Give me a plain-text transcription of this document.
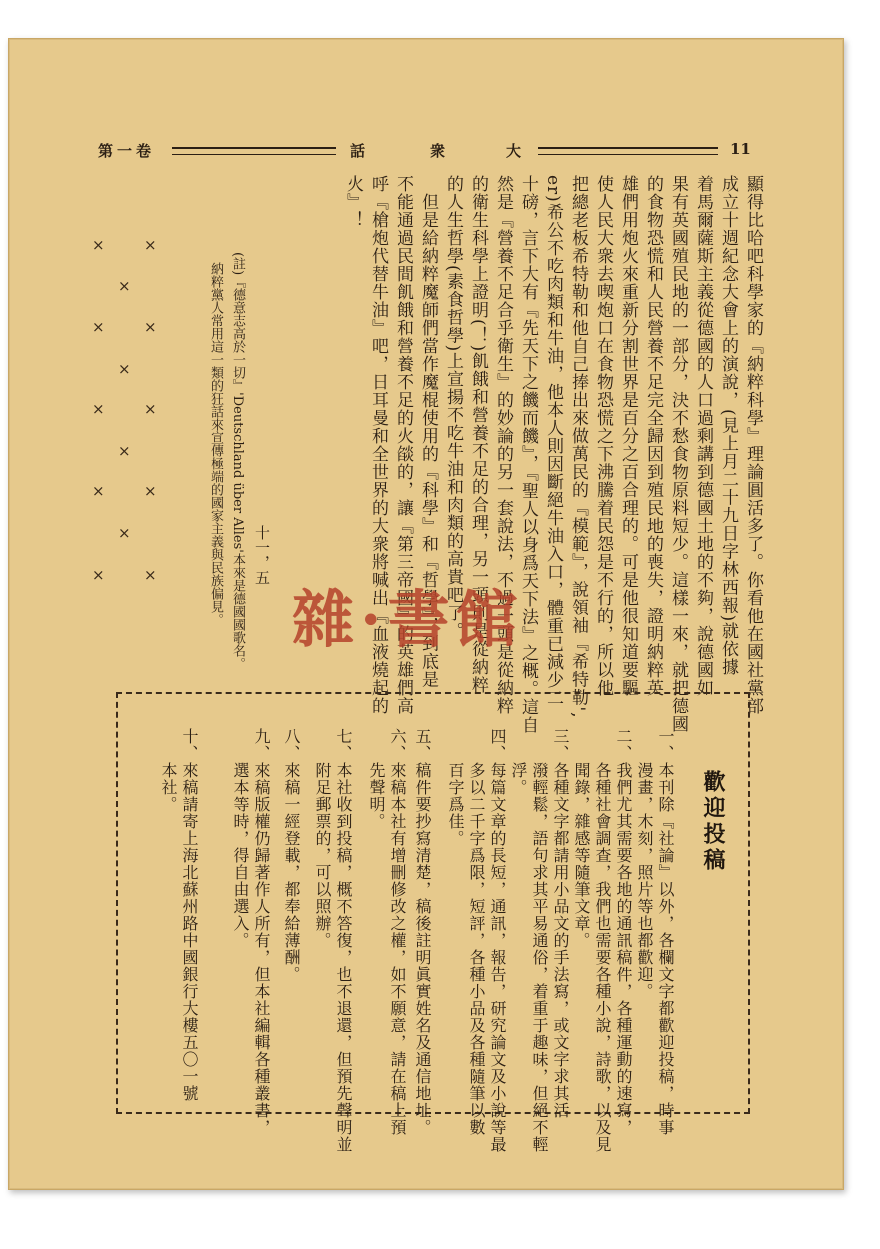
11
大
衆
話
第一卷
顯得比哈吧科學家的『納粹科學』理論圓活多了。你看他在國社黨部
成立十週紀念大會上的演說，(見上月二十九日字林西報)就依據
着馬爾薩斯主義從德國的人口過剩講到德國土地的不夠，說德國如
果有英國殖民地的一部分，決不愁食物原料短少。這樣一來，就把德國
的食物恐慌和人民營養不足完全歸因到殖民地的喪失，證明納粹英
雄們用炮火來重新分割世界是百分之百合理的。可是他很知道要驅
使人民大衆去喫炮口在食物恐慌之下沸騰着民怨是不行的，所以他
把總老板希特勒和他自己捧出來做萬民的『模範』，說領袖『希特勒',
er)希公不吃肉類和牛油，他本人則因斷絕牛油入口，體重已減少二
十磅，言下大有『先天下之饑而饑』，『聖人以身爲天下法』之概。這自
然是『營養不足合乎衛生』的妙論的另一套說法，不過一頭是從納粹
的衛生科學上證明(！)飢餓和營養不足的合理，另一頭則是從納粹
的人生哲學(素食哲學)上宣揚不吃牛油和肉類的高貴吧了。
　但是給納粹魔師們當作魔棍使用的『科學』和『哲學』，到底是
不能通過民間飢餓和營養不足的火燄的，讓『第三帝國』的英雄們高
呼『槍炮代替牛油』吧，日耳曼和全世界的大衆將喊出『血液燒起的
火』！
十一，五
(註)『德意志高於一切』'Deutschland über Alles'本來是德國國歌名。
納粹黨人常用這一類的狂話來宣傳極端的國家主義與民族偏見。
×
×
×
×
×
×
×
×
×
×
×
×
×
×
雜·書館
歡迎投稿
一、本刊除『社論』以外，各欄文字都歡迎投稿，時事
　　漫畫，木刻，照片等也都歡迎。
二、我們尤其需要各地的通訊稿件，各種運動的速寫，
　　各種社會調查，我們也需要各種小說，詩歌，以及見
　　聞錄，雜感等隨筆文章。
三、各種文字都請用小品文的手法寫，或文字求其活
　　潑輕鬆，語句求其平易通俗，着重于趣味，但絕不輕
　　浮。
四、每篇文章的長短，通訊，報告，研究論文及小說等最
　　多以二千字爲限，短評，各種小品及各種隨筆以數
　　百字爲佳。
五、稿件要抄寫清楚，稿後註明眞實姓名及通信地址。
六、來稿本社有增刪修改之權，如不願意，請在稿上預
　　先聲明。
七、本社收到投稿，概不答復，也不退還，但預先聲明並
　　附足郵票的，可以照辦。
八、來稿一經登載，都奉給薄酬。
九、來稿版權仍歸著作人所有，但本社編輯各種叢書，
　　選本等時，得自由選入。
十、來稿請寄上海北蘇州路中國銀行大樓五〇一號
　　本社。
